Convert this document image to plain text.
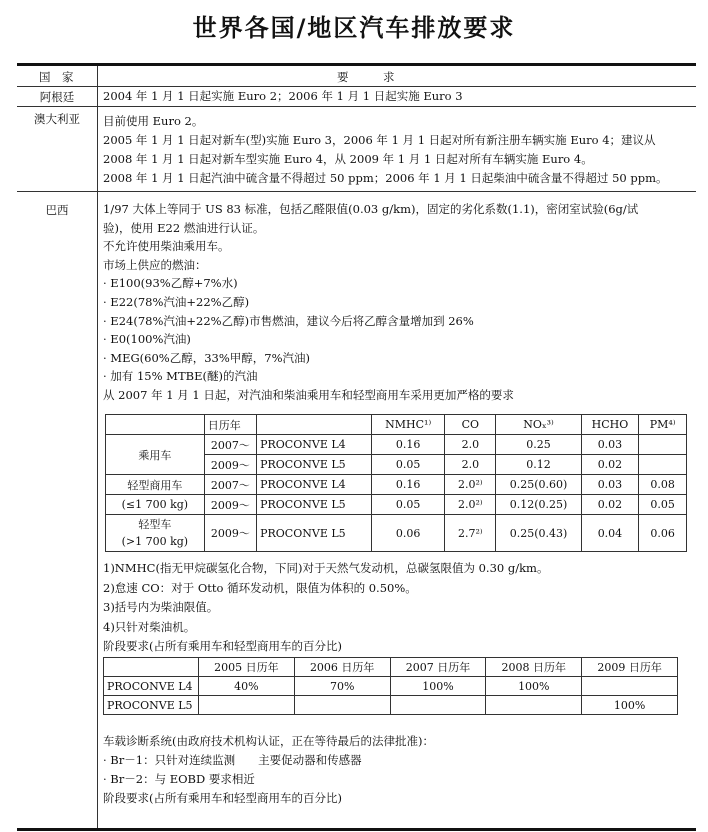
世界各国/地区汽车排放要求
国　家	要　　　求
阿根廷	2004 年 1 月 1 日起实施 Euro 2；2006 年 1 月 1 日起实施 Euro 3

澳大利亚	目前使用 Euro 2。

2005 年 1 月 1 日起对新车(型)实施 Euro 3，2006 年 1 月 1 日起对所有新注册车辆实施 Euro 4；建议从

2008 年 1 月 1 日起对新车型实施 Euro 4，从 2009 年 1 月 1 日起对所有车辆实施 Euro 4。

2008 年 1 月 1 日起汽油中硫含量不得超过 50 ppm；2006 年 1 月 1 日起柴油中硫含量不得超过 50 ppm。

巴西	1/97 大体上等同于 US 83 标准，包括乙醛限值(0.03 g/km)，固定的劣化系数(1.1)，密闭室试验(6g/试

验)，使用 E22 燃油进行认证。

不允许使用柴油乘用车。

市场上供应的燃油：

· E100(93%乙醇+7%水)

· E22(78%汽油+22%乙醇)

· E24(78%汽油+22%乙醇)市售燃油，建议今后将乙醇含量增加到 26%

· E0(100%汽油)

· MEG(60%乙醇，33%甲醇，7%汽油)

· 加有 15% MTBE(醚)的汽油

从 2007 年 1 月 1 日起，对汽油和柴油乘用车和轻型商用车采用更加严格的要求

	日历年		NMHC¹⁾	CO	NOₓ³⁾	HCHO	PM⁴⁾
乘用车	2007～	PROCONVE L4	0.16	2.0	0.25	0.03	
	2009～	PROCONVE L5	0.05	2.0	0.12	0.02	
轻型商用车	2007～	PROCONVE L4	0.16	2.0²⁾	0.25(0.60)	0.03	0.08
(≤1 700 kg)	2009～	PROCONVE L5	0.05	2.0²⁾	0.12(0.25)	0.02	0.05
轻型车
(>1 700 kg)	2009～	PROCONVE L5	0.06	2.7²⁾	0.25(0.43)	0.04	0.06

1)NMHC(指无甲烷碳氢化合物，下同)对于天然气发动机，总碳氢限值为 0.30 g/km。

2)怠速 CO：对于 Otto 循环发动机，限值为体积的 0.50%。

3)括号内为柴油限值。

4)只针对柴油机。

阶段要求(占所有乘用车和轻型商用车的百分比)

	2005 日历年	2006 日历年	2007 日历年	2008 日历年	2009 日历年
PROCONVE L4	40%	70%	100%	100%	
PROCONVE L5					100%

车载诊断系统(由政府技术机构认证，正在等待最后的法律批准)：

· Br－1：只针对连续监测　　主要促动器和传感器

· Br－2：与 EOBD 要求相近

阶段要求(占所有乘用车和轻型商用车的百分比)
